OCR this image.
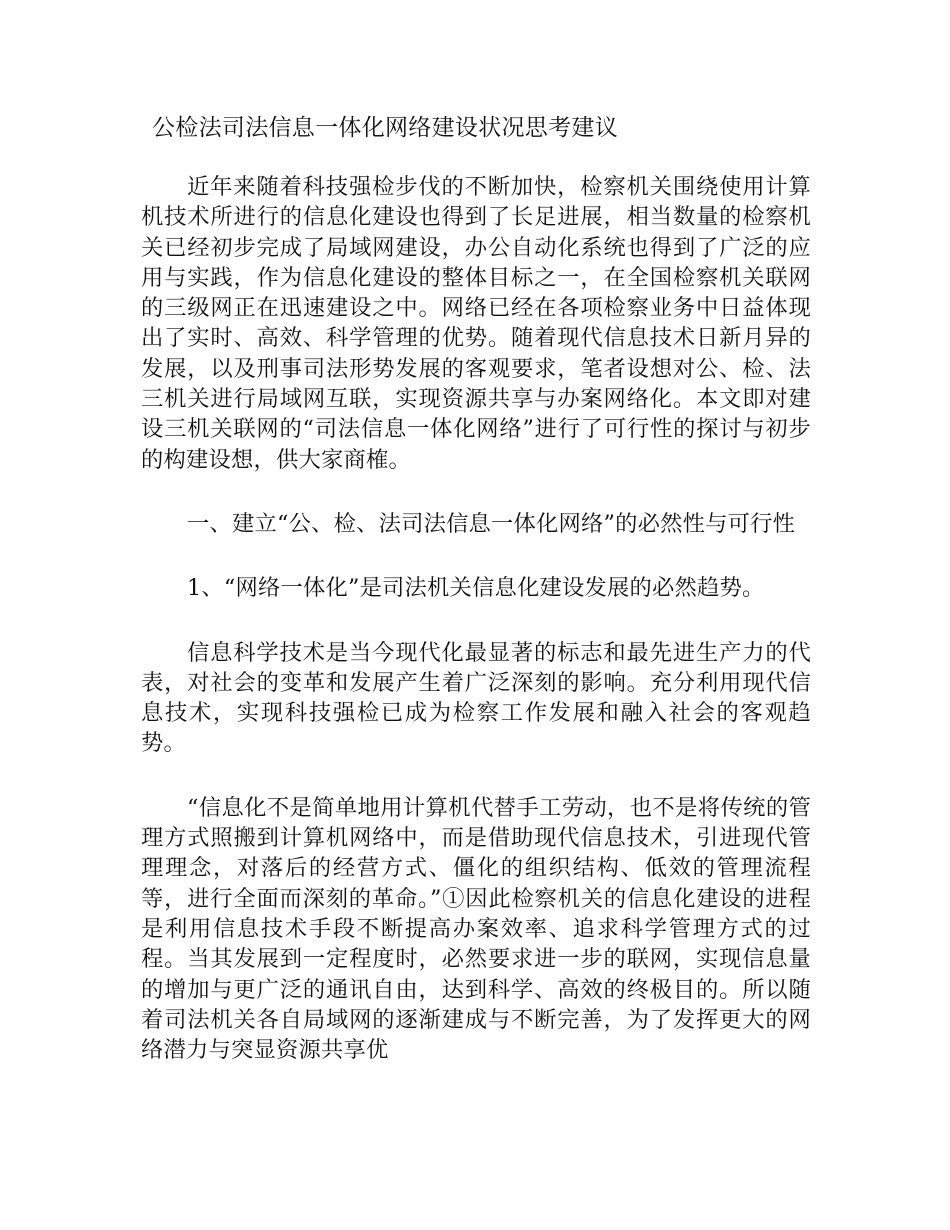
公检法司法信息一体化网络建设状况思考建议

近年来随着科技强检步伐的不断加快，检察机关围绕使用计算机技术所进行的信息化建设也得到了长足进展，相当数量的检察机关已经初步完成了局域网建设，办公自动化系统也得到了广泛的应用与实践，作为信息化建设的整体目标之一，在全国检察机关联网的三级网正在迅速建设之中。网络已经在各项检察业务中日益体现出了实时、高效、科学管理的优势。随着现代信息技术日新月异的发展，以及刑事司法形势发展的客观要求，笔者设想对公、检、法三机关进行局域网互联，实现资源共享与办案网络化。本文即对建设三机关联网的“司法信息一体化网络”进行了可行性的探讨与初步的构建设想，供大家商榷。

一、建立“公、检、法司法信息一体化网络”的必然性与可行性

1、“网络一体化”是司法机关信息化建设发展的必然趋势。

信息科学技术是当今现代化最显著的标志和最先进生产力的代表，对社会的变革和发展产生着广泛深刻的影响。充分利用现代信息技术，实现科技强检已成为检察工作发展和融入社会的客观趋势。

“信息化不是简单地用计算机代替手工劳动，也不是将传统的管理方式照搬到计算机网络中，而是借助现代信息技术，引进现代管理理念，对落后的经营方式、僵化的组织结构、低效的管理流程等，进行全面而深刻的革命。”①因此检察机关的信息化建设的进程是利用信息技术手段不断提高办案效率、追求科学管理方式的过程。当其发展到一定程度时，必然要求进一步的联网，实现信息量的增加与更广泛的通讯自由，达到科学、高效的终极目的。所以随着司法机关各自局域网的逐渐建成与不断完善，为了发挥更大的网络潜力与突显资源共享优
